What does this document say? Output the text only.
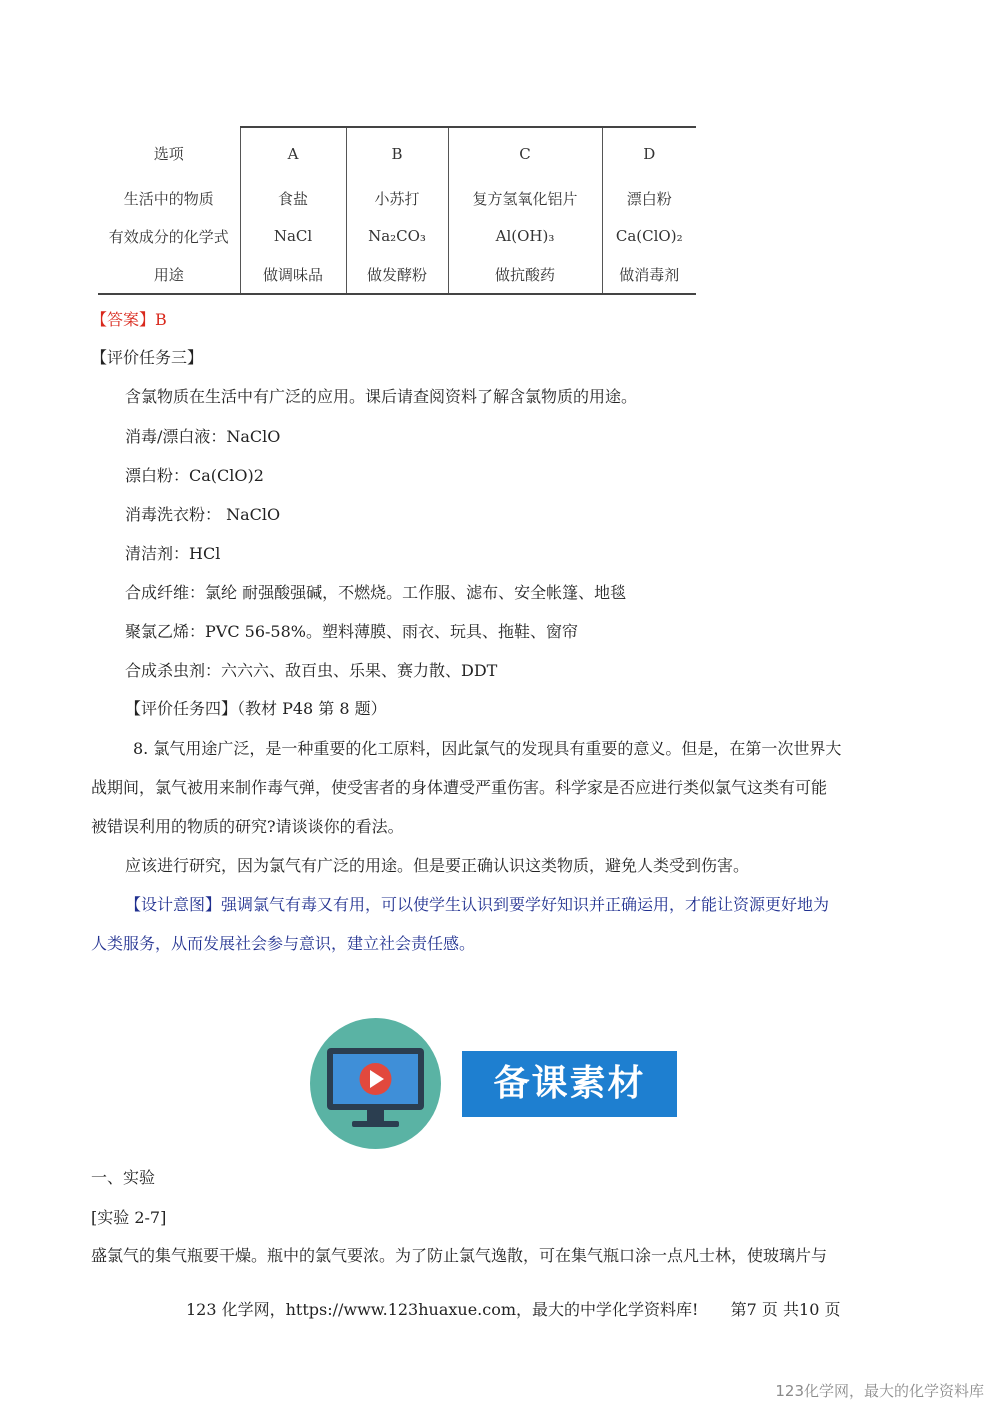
选项	A	B	C	D
生活中的物质	食盐	小苏打	复方氢氧化铝片	漂白粉
有效成分的化学式	NaCl	Na₂CO₃	Al(OH)₃	Ca(ClO)₂
用途	做调味品	做发酵粉	做抗酸药	做消毒剂
【答案】B
【评价任务三】
含氯物质在生活中有广泛的应用。课后请查阅资料了解含氯物质的用途。
消毒/漂白液：NaClO
漂白粉：Ca(ClO)2
消毒洗衣粉： NaClO
清洁剂：HCl
合成纤维：氯纶 耐强酸强碱，不燃烧。工作服、滤布、安全帐篷、地毯
聚氯乙烯：PVC 56-58%。塑料薄膜、雨衣、玩具、拖鞋、窗帘
合成杀虫剂：六六六、敌百虫、乐果、赛力散、DDT
【评价任务四】（教材 P48 第 8 题）
8. 氯气用途广泛，是一种重要的化工原料，因此氯气的发现具有重要的意义。但是，在第一次世界大
战期间，氯气被用来制作毒气弹，使受害者的身体遭受严重伤害。科学家是否应进行类似氯气这类有可能
被错误利用的物质的研究?请谈谈你的看法。
应该进行研究，因为氯气有广泛的用途。但是要正确认识这类物质，避免人类受到伤害。
【设计意图】强调氯气有毒又有用，可以使学生认识到要学好知识并正确运用，才能让资源更好地为
人类服务，从而发展社会参与意识，建立社会责任感。
备课素材
一、实验
[实验 2-7]
盛氯气的集气瓶要干燥。瓶中的氯气要浓。为了防止氯气逸散，可在集气瓶口涂一点凡士林，使玻璃片与
123 化学网，https://www.123huaxue.com，最大的中学化学资料库! 第7 页 共10 页
123化学网，最大的化学资料库
